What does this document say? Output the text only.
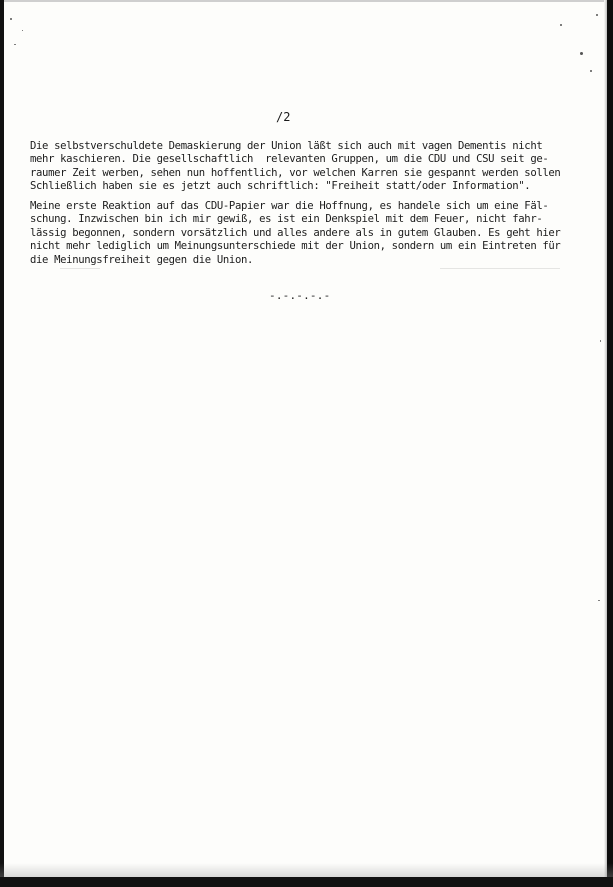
/2
Die selbstverschuldete Demaskierung der Union läßt sich auch mit vagen Dementis nicht
mehr kaschieren. Die gesellschaftlich  relevanten Gruppen, um die CDU und CSU seit ge-
raumer Zeit werben, sehen nun hoffentlich, vor welchen Karren sie gespannt werden sollen
Schließlich haben sie es jetzt auch schriftlich: "Freiheit statt/oder Information".
Meine erste Reaktion auf das CDU-Papier war die Hoffnung, es handele sich um eine Fäl-
schung. Inzwischen bin ich mir gewiß, es ist ein Denkspiel mit dem Feuer, nicht fahr-
lässig begonnen, sondern vorsätzlich und alles andere als in gutem Glauben. Es geht hier
nicht mehr lediglich um Meinungsunterschiede mit der Union, sondern um ein Eintreten für
die Meinungsfreiheit gegen die Union.
-.-.-.-.-
